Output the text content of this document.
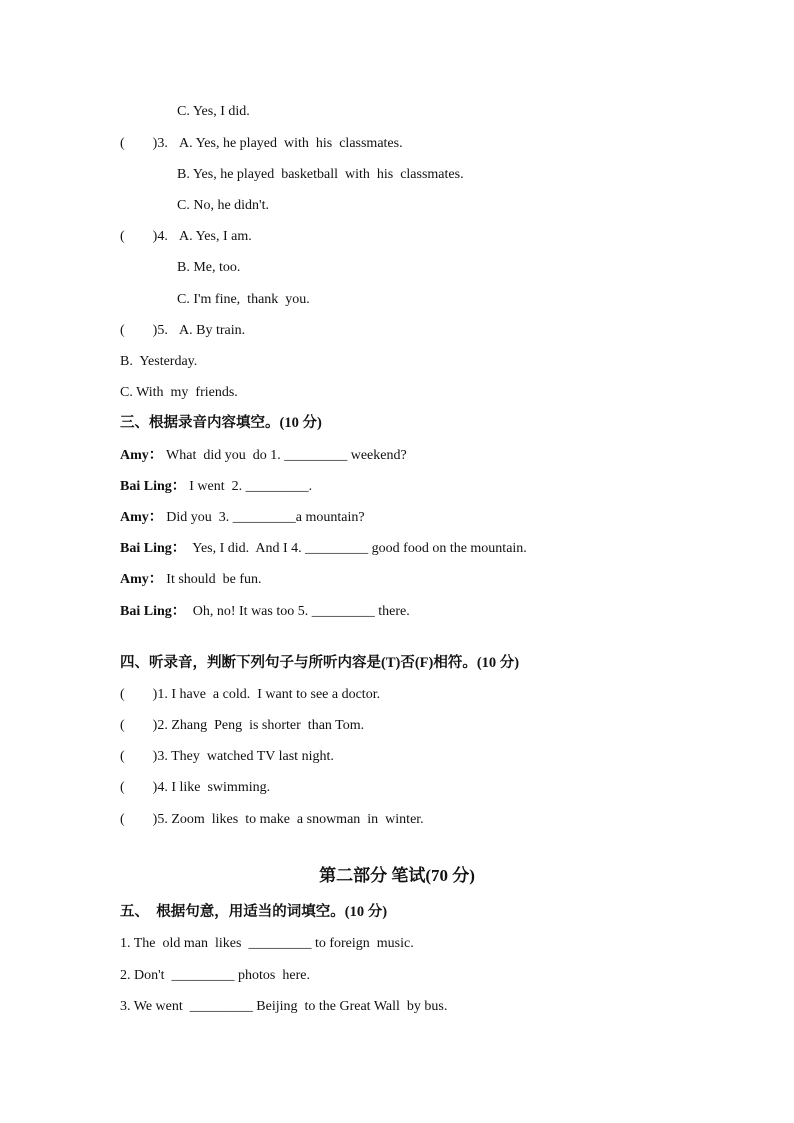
C. Yes, I did.
(        )3. A. Yes, he played  with  his  classmates.
B. Yes, he played  basketball  with  his  classmates.
C. No, he didn't.
(        )4. A. Yes, I am.
B. Me, too.
C. I'm fine,  thank  you.
(        )5. A. By train.
B.  Yesterday.
C. With  my  friends.
三、根据录音内容填空。(10 分)
Amy： What  did you  do 1. _________ weekend?
Bai Ling： I went  2. _________.
Amy： Did you  3. _________a mountain?
Bai Ling：  Yes, I did.  And I 4. _________ good food on the mountain.
Amy： It should  be fun.
Bai Ling：  Oh, no! It was too 5. _________ there.
四、听录音，判断下列句子与所听内容是(T)否(F)相符。(10 分)
(        )1. I have  a cold.  I want to see a doctor.
(        )2. Zhang  Peng  is shorter  than Tom.
(        )3. They  watched TV last night.
(        )4. I like  swimming.
(        )5. Zoom  likes  to make  a snowman  in  winter.
第二部分 笔试(70 分)
五、  根据句意，用适当的词填空。(10 分)
1. The  old man  likes  _________ to foreign  music.
2. Don't  _________ photos  here.
3. We went  _________ Beijing  to the Great Wall  by bus.
